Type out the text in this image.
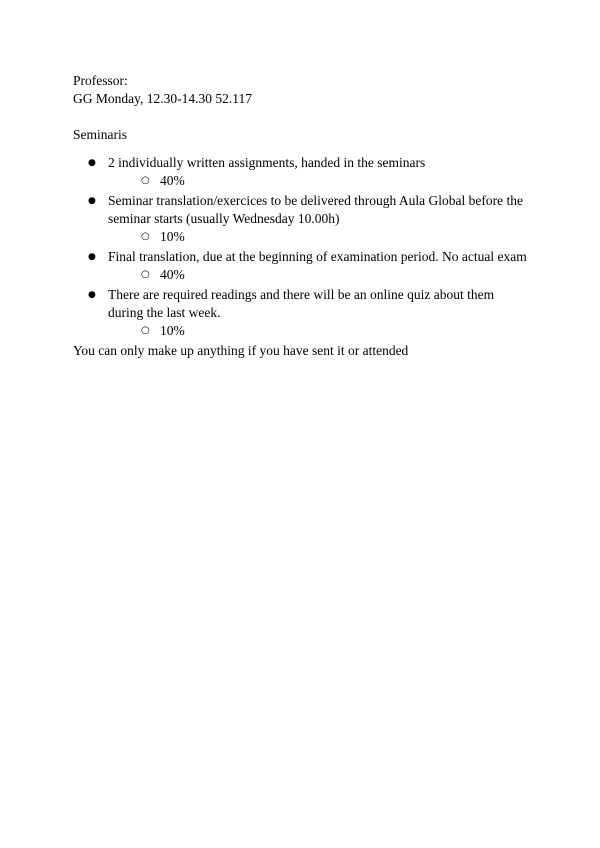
Professor:
GG Monday, 12.30-14.30 52.117
Seminaris
● 2 individually written assignments, handed in the seminars
○ 40%
● Seminar translation/exercices to be delivered through Aula Global before the seminar starts (usually Wednesday 10.00h)
○ 10%
● Final translation, due at the beginning of examination period. No actual exam
○ 40%
● There are required readings and there will be an online quiz about them during the last week.
○ 10%
You can only make up anything if you have sent it or attended
